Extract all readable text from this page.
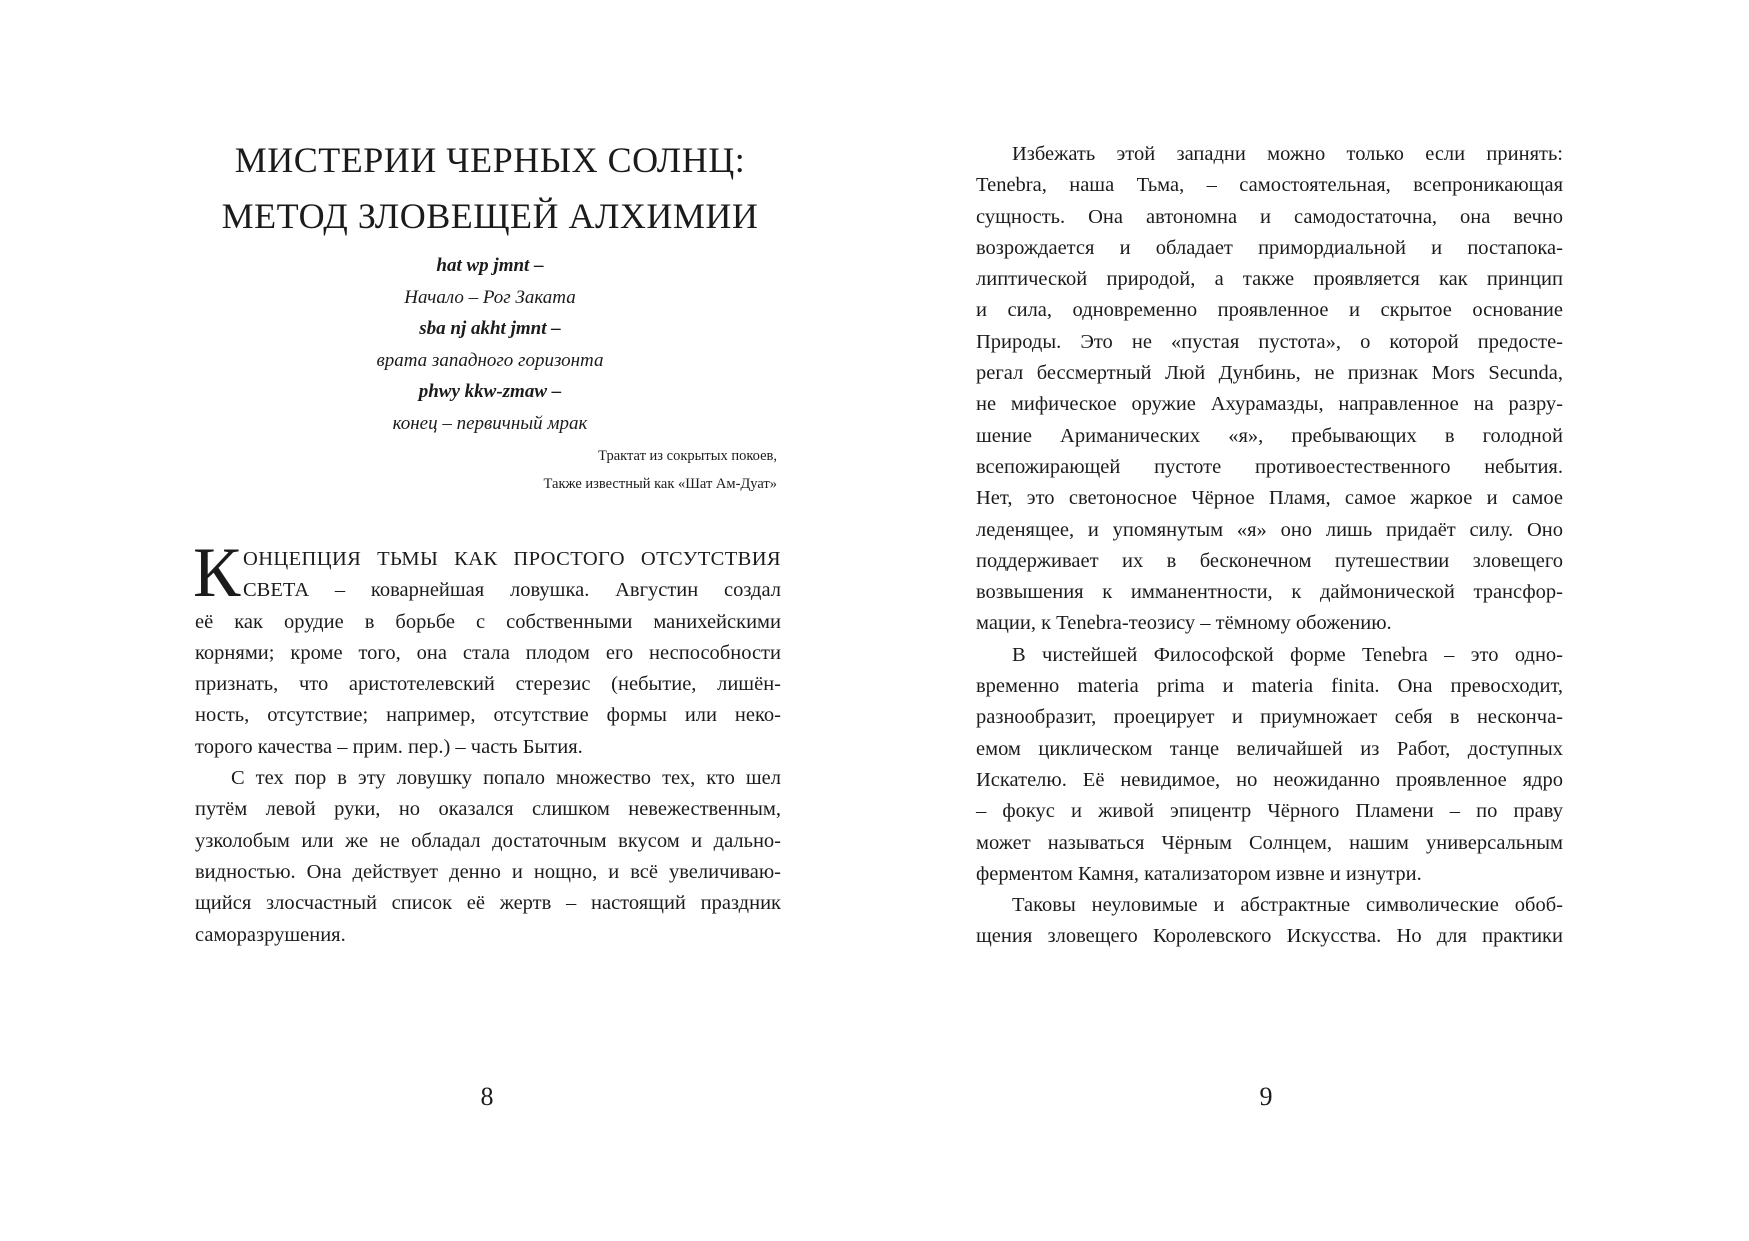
МИСТЕРИИ ЧЕРНЫХ СОЛНЦ:
МЕТОД ЗЛОВЕЩЕЙ АЛХИМИИ
hat wp jmnt –
Начало – Рог Заката
sba nj akht jmnt –
врата западного горизонта
phwy kkw-zmaw –
конец – первичный мрак
Трактат из сокрытых покоев,
Также известный как «Шат Ам-Дуат»
К ОНЦЕПЦИЯ ТЬМЫ КАК ПРОСТОГО ОТСУТСТВИЯ
СВЕТА – коварнейшая ловушка. Августин создал
её как орудие в борьбе с собственными манихейскими
корнями; кроме того, она стала плодом его неспособности
признать, что аристотелевский стерезис (небытие, лишён-
ность, отсутствие; например, отсутствие формы или неко-
торого качества – прим. пер.) – часть Бытия.
С тех пор в эту ловушку попало множество тех, кто шел
путём левой руки, но оказался слишком невежественным,
узколобым или же не обладал достаточным вкусом и дально-
видностью. Она действует денно и нощно, и всё увеличиваю-
щийся злосчастный список её жертв – настоящий праздник
саморазрушения.
8
Избежать этой западни можно только если принять:
Tenebra, наша Тьма, – самостоятельная, всепроникающая
сущность. Она автономна и самодостаточна, она вечно
возрождается и обладает примордиальной и постапока-
липтической природой, а также проявляется как принцип
и сила, одновременно проявленное и скрытое основание
Природы. Это не «пустая пустота», о которой предосте-
регал бессмертный Люй Дунбинь, не признак Mors Secunda,
не мифическое оружие Ахурамазды, направленное на разру-
шение Ариманических «я», пребывающих в голодной
всепожирающей пустоте противоестественного небытия.
Нет, это светоносное Чёрное Пламя, самое жаркое и самое
леденящее, и упомянутым «я» оно лишь придаёт силу. Оно
поддерживает их в бесконечном путешествии зловещего
возвышения к имманентности, к даймонической трансфор-
мации, к Tenebra-теозису – тёмному обожению.
В чистейшей Философской форме Tenebra – это одно-
временно materia prima и materia finita. Она превосходит,
разнообразит, проецирует и приумножает себя в несконча-
емом циклическом танце величайшей из Работ, доступных
Искателю. Её невидимое, но неожиданно проявленное ядро
– фокус и живой эпицентр Чёрного Пламени – по праву
может называться Чёрным Солнцем, нашим универсальным
ферментом Камня, катализатором извне и изнутри.
Таковы неуловимые и абстрактные символические обоб-
щения зловещего Королевского Искусства. Но для практики
9
